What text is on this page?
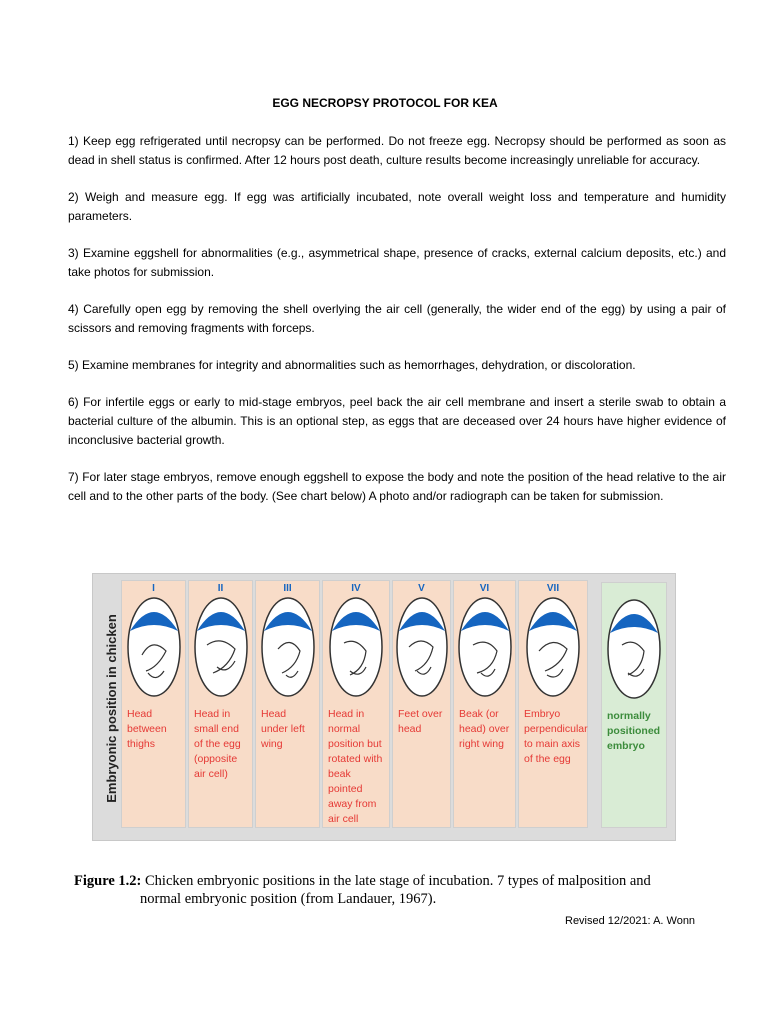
EGG NECROPSY PROTOCOL FOR KEA

1) Keep egg refrigerated until necropsy can be performed. Do not freeze egg. Necropsy should be performed as soon as dead in shell status is confirmed. After 12 hours post death, culture results become increasingly unreliable for accuracy.

2) Weigh and measure egg. If egg was artificially incubated, note overall weight loss and temperature and humidity parameters.

3) Examine eggshell for abnormalities (e.g., asymmetrical shape, presence of cracks, external calcium deposits, etc.) and take photos for submission.

4) Carefully open egg by removing the shell overlying the air cell (generally, the wider end of the egg) by using a pair of scissors and removing fragments with forceps.

5) Examine membranes for integrity and abnormalities such as hemorrhages, dehydration, or discoloration.

6) For infertile eggs or early to mid-stage embryos, peel back the air cell membrane and insert a sterile swab to obtain a bacterial culture of the albumin. This is an optional step, as eggs that are deceased over 24 hours have higher evidence of inconclusive bacterial growth.

7) For later stage embryos, remove enough eggshell to expose the body and note the position of the head relative to the air cell and to the other parts of the body. (See chart below) A photo and/or radiograph can be taken for submission.

Embryonic position in chicken
I
Head between thighs
II
Head in small end of the egg (opposite air cell)
III
Head under left wing
IV
Head in normal position but rotated with beak pointed away from air cell
V
Feet over head
VI
Beak (or head) over right wing
VII
Embryo perpendicular to main axis of the egg
normally positioned embryo
Figure 1.2: Chicken embryonic positions in the late stage of incubation. 7 types of malposition and
normal embryonic position (from Landauer, 1967).
Revised 12/2021: A. Wonn
